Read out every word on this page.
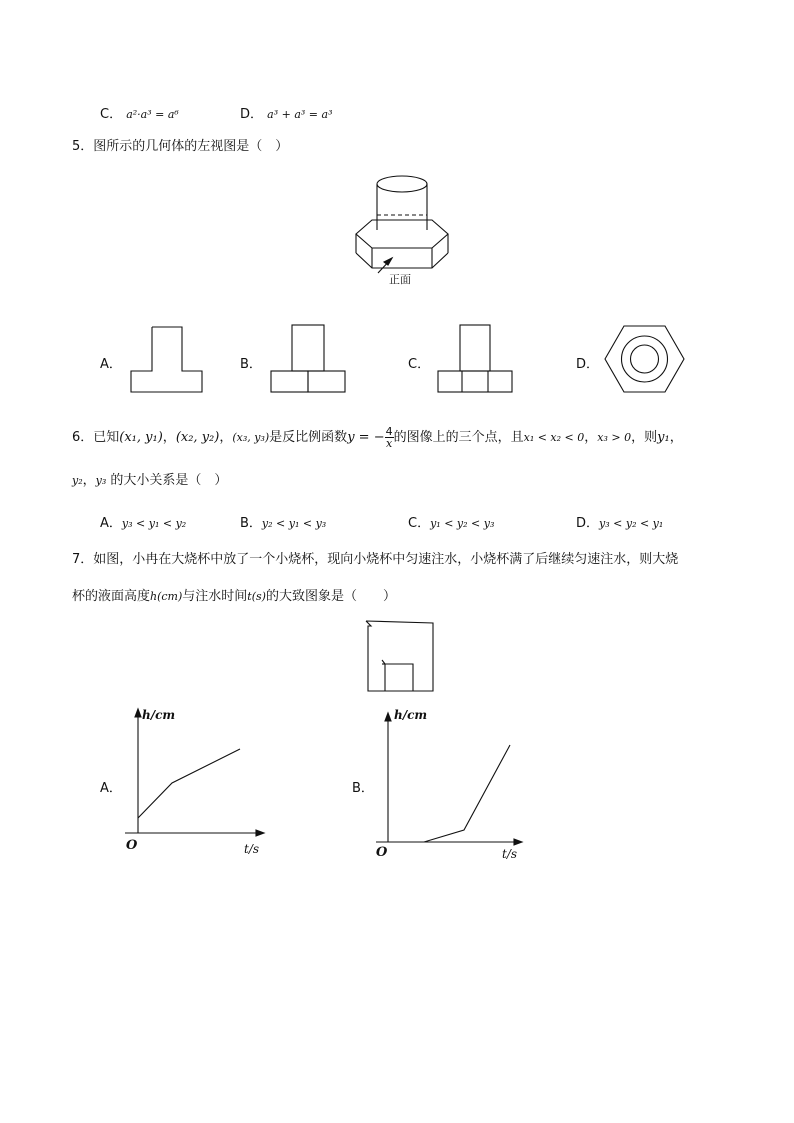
C． a²·a³ = a⁶	D． a³ + a³ = a³
5．图所示的几何体的左视图是（　）
正面
A．	B．	C．	D．
6．已知(x₁, y₁)，(x₂, y₂)，(x₃, y₃)是反比例函数y = − $\frac{4}{x}$ 的图像上的三个点，且x₁ < x₂ < 0，x₃ > 0，则y₁，
y₂，y₃ 的大小关系是（　）
A．y₃ < y₁ < y₂	B．y₂ < y₁ < y₃	C．y₁ < y₂ < y₃	D．y₃ < y₂ < y₁
7．如图，小冉在大烧杯中放了一个小烧杯，现向小烧杯中匀速注水，小烧杯满了后继续匀速注水，则大烧
杯的液面高度h(cm)与注水时间t(s)的大致图象是（　　）
A．
h/cm
t/s
O
B．
h/cm
t/s
O
